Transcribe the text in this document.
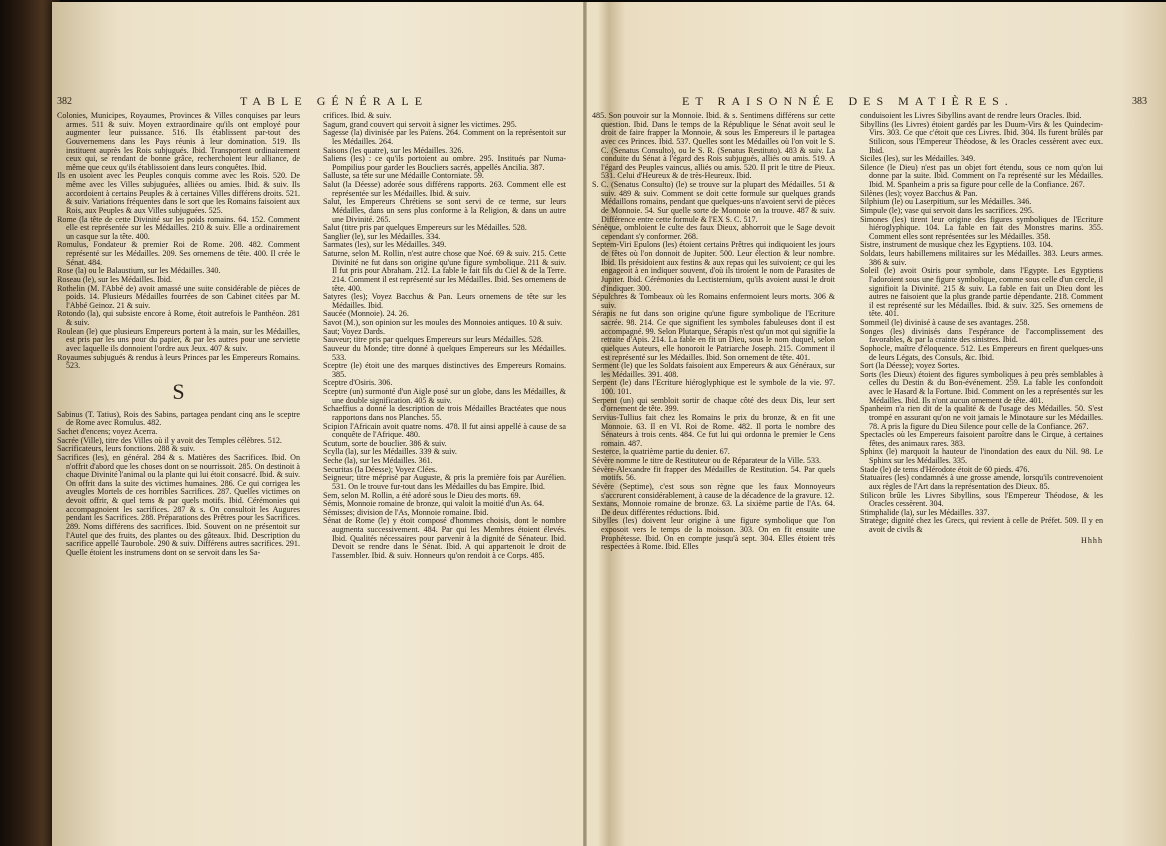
382	TABLE GÉNÉRALE

Colonies, Municipes, Royaumes, Provinces & Villes conquises par leurs armes. 511 & suiv. Moyen extraordinaire qu'ils ont employé pour augmenter leur puissance. 516. Ils établissent par-tout des Gouvernemens dans les Pays réunis à leur domination. 519. Ils instituent auprès les Rois subjugués. Ibid. Transportent ordinairement ceux qui, se rendant de bonne grâce, recherchoient leur alliance, de même que ceux qu'ils établissoient dans leurs conquêtes. Ibid.

Ils en usoient avec les Peuples conquis comme avec les Rois. 520. De même avec les Villes subjuguées, alliées ou amies. Ibid. & suiv. Ils accordoient à certains Peuples & à certaines Villes différens droits. 521. & suiv. Variations fréquentes dans le sort que les Romains faisoient aux Rois, aux Peuples & aux Villes subjuguées. 525.

Rome (la tête de cette Divinité sur les poids romains. 64. 152. Comment elle est représentée sur les Médailles. 210 & suiv. Elle a ordinairement un casque sur la tête. 400.

Romulus, Fondateur & premier Roi de Rome. 208. 482. Comment représenté sur les Médailles. 209. Ses ornemens de tête. 400. Il crée le Sénat. 484.

Rose (la) ou le Balaustium, sur les Médailles. 340.

Roseau (le), sur les Médailles. Ibid.

Rothelin (M. l'Abbé de) avoit amassé une suite considérable de pièces de poids. 14. Plusieurs Médailles fourrées de son Cabinet citées par M. l'Abbé Geinoz. 21 & suiv.

Rotondo (la), qui subsiste encore à Rome, étoit autrefois le Panthéon. 281 & suiv.

Roulean (le) que plusieurs Empereurs portent à la main, sur les Médailles, est pris par les uns pour du papier, & par les autres pour une serviette avec laquelle ils donnoient l'ordre aux Jeux. 407 & suiv.

Royaumes subjugués & rendus à leurs Princes par les Empereurs Romains. 523.

S

Sabinus (T. Tatius), Rois des Sabins, partagea pendant cinq ans le sceptre de Rome avec Romulus. 482.

Sachet d'encens; voyez Acerra.

Sacrée (Ville), titre des Villes où il y avoit des Temples célèbres. 512.

Sacrificateurs, leurs fonctions. 288 & suiv.

Sacrifices (les), en général. 284 & s. Matières des Sacrifices. Ibid. On n'offrit d'abord que les choses dont on se nourrissoit. 285. On destinoit à chaque Divinité l'animal ou la plante qui lui étoit consacré. Ibid. & suiv. On offrit dans la suite des victimes humaines. 286. Ce qui corrigea les aveugles Mortels de ces horribles Sacrifices. 287. Quelles victimes on devoit offrir, & quel tems & par quels motifs. Ibid. Cérémonies qui accompagnoient les sacrifices. 287 & s. On consultoit les Augures pendant les Sacrifices. 288. Préparations des Prêtres pour les Sacrifices. 289. Noms différens des sacrifices. Ibid. Souvent on ne présentoit sur l'Autel que des fruits, des plantes ou des gâteaux. Ibid. Description du sacrifice appellé Taurobole. 290 & suiv. Différens autres sacrifices. 291. Quelle étoient les instrumens dont on se servoit dans les Sa-

crifices. Ibid. & suiv.

Sagum, grand couvert qui servoit à signer les victimes. 295.

Sagesse (la) divinisée par les Païens. 264. Comment on la représentoit sur les Médailles. 264.

Saisons (les quatre), sur les Médailles. 326.

Saliens (les) : ce qu'ils portoient au ombre. 295. Institués par Numa-Pompilius pour garder les Boucliers sacrés, appellés Ancilia. 387.

Salluste, sa tête sur une Médaille Contorniate. 59.

Salut (la Déesse) adorée sous différens rapports. 263. Comment elle est représentée sur les Médailles. Ibid. & suiv.

Salut, les Empereurs Chrétiens se sont servi de ce terme, sur leurs Médailles, dans un sens plus conforme à la Religion, & dans un autre une Divinité. 265.

Salut (titre pris par quelques Empereurs sur les Médailles. 528.

Sanglier (le), sur les Médailles. 334.

Sarmates (les), sur les Médailles. 349.

Saturne, selon M. Rollin, n'est autre chose que Noé. 69 & suiv. 215. Cette Divinité ne fut dans son origine qu'une figure symbolique. 211 & suiv. Il fut pris pour Abraham. 212. La fable le fait fils du Ciel & de la Terre. 214. Comment il est représenté sur les Médailles. Ibid. Ses ornemens de tête. 400.

Satyres (les); Voyez Bacchus & Pan. Leurs ornemens de tête sur les Médailles. Ibid.

Saucée (Monnoie). 24. 26.

Savot (M.), son opinion sur les moules des Monnoies antiques. 10 & suiv.

Saut; Voyez Dards.

Sauveur; titre pris par quelques Empereurs sur leurs Médailles. 528.

Sauveur du Monde; titre donné à quelques Empereurs sur les Médailles. 533.

Sceptre (le) étoit une des marques distinctives des Empereurs Romains. 385.

Sceptre d'Osiris. 306.

Sceptre (un) surmonté d'un Aigle posé sur un globe, dans les Médailles, & une double signification. 405 & suiv.

Schaeffius a donné la description de trois Médailles Bractéates que nous rapportons dans nos Planches. 55.

Scipion l'Africain avoit quatre noms. 478. Il fut ainsi appellé à cause de sa conquête de l'Afrique. 480.

Scutum, sorte de bouclier. 386 & suiv.

Scylla (la), sur les Médailles. 339 & suiv.

Seche (la), sur les Médailles. 361.

Securitas (la Déesse); Voyez Clées.

Seigneur; titre méprisé par Auguste, & pris la première fois par Aurélien. 531. On le trouve fur-tout dans les Médailles du bas Empire. Ibid.

Sem, selon M. Rollin, a été adoré sous le Dieu des morts. 69.

Sémis, Monnoie romaine de bronze, qui valoit la moitié d'un As. 64.

Sémisses; division de l'As, Monnoie romaine. Ibid.

Sénat de Rome (le) y étoit composé d'hommes choisis, dont le nombre augmenta successivement. 484. Par qui les Membres étoient élevés. Ibid. Qualités nécessaires pour parvenir à la dignité de Sénateur. Ibid. Devoit se rendre dans le Sénat. Ibid. A qui appartenoit le droit de l'assembler. Ibid. & suiv. Honneurs qu'on rendoit à ce Corps. 485.

ET RAISONNÉE DES MATIÈRES.	383

485. Son pouvoir sur la Monnoie. Ibid. & s. Sentimens différens sur cette question. Ibid. Dans le temps de la République le Sénat avoit seul le droit de faire frapper la Monnoie, & sous les Empereurs il le partagea avec ces Princes. Ibid. 537. Quelles sont les Médailles où l'on voit le S. C. (Senatus Consulto), ou le S. R. (Senatus Restituto). 483 & suiv. La conduite du Sénat à l'égard des Rois subjugués, alliés ou amis. 519. A l'égard des Peuples vaincus, alliés ou amis. 520. Il prit le titre de Pieux. 531. Celui d'Heureux & de très-Heureux. Ibid.

S. C. (Senatus Consulto) (le) se trouve sur la plupart des Médailles. 51 & suiv. 489 & suiv. Comment se doit cette formule sur quelques grands Médaillons romains, pendant que quelques-uns n'avoient servi de pièces de Monnoie. 54. Sur quelle sorte de Monnoie on la trouve. 487 & suiv. Différence entre cette formule & l'EX S. C. 517.

Sénèque, ombloient le culte des faux Dieux, abhorroit que le Sage devoit cependant s'y conformer. 268.

Septem-Viri Epulons (les) étoient certains Prêtres qui indiquoient les jours de fêtes où l'on donnoit de Jupiter. 500. Leur élection & leur nombre. Ibid. Ils présidoient aux festins & aux repas qui les suivoient; ce qui les engageoit à en indiquer souvent, d'où ils tiroient le nom de Parasites de Jupiter. Ibid. Cérémonies du Lectisternium, qu'ils avoient aussi le droit d'indiquer. 300.

Sépulchres & Tombeaux où les Romains enfermoient leurs morts. 306 & suiv.

Sérapis ne fut dans son origine qu'une figure symbolique de l'Ecriture sacrée. 98. 214. Ce que signifient les symboles fabuleuses dont il est accompagné. 99. Selon Plutarque, Sérapis n'est qu'un mot qui signifie la retraite d'Apis. 214. La fable en fit un Dieu, sous le nom duquel, selon quelques Auteurs, elle honoroit le Patriarche Joseph. 215. Comment il est représenté sur les Médailles. Ibid. Son ornement de tête. 401.

Serment (le) que les Soldats faisoient aux Empereurs & aux Généraux, sur les Médailles. 391. 408.

Serpent (le) dans l'Ecriture hiéroglyphique est le symbole de la vie. 97. 100. 101.

Serpent (un) qui sembloit sortir de chaque côté des deux Dis, leur sert d'ornement de tête. 399.

Servius-Tullius fait chez les Romains le prix du bronze, & en fit une Monnoie. 63. Il en VI. Roi de Rome. 482. Il porta le nombre des Sénateurs à trois cents. 484. Ce fut lui qui ordonna le premier le Cens romain. 487.

Sesterce, la quatrième partie du denier. 67.

Sévère nomme le titre de Restituteur ou de Réparateur de la Ville. 533.

Sévère-Alexandre fit frapper des Médailles de Restitution. 54. Par quels motifs. 56.

Sévère (Septime), c'est sous son règne que les faux Monnoyeurs s'accrurent considérablement, à cause de la décadence de la gravure. 12.

Sextans, Monnoie romaine de bronze. 63. La sixième partie de l'As. 64. De deux différentes réductions. Ibid.

Sibylles (les) doivent leur origine à une figure symbolique que l'on exposoit vers le temps de la moisson. 303. On en fit ensuite une Prophétesse. Ibid. On en compte jusqu'à sept. 304. Elles étoient très respectées à Rome. Ibid. Elles

conduisoient les Livres Sibyllins avant de rendre leurs Oracles. Ibid.

Sibyllins (les Livres) étoient gardés par les Duum-Virs & les Quindecim-Virs. 303. Ce que c'étoit que ces Livres. Ibid. 304. Ils furent brûlés par Stilicon, sous l'Empereur Théodose, & les Oracles cessèrent avec eux. Ibid.

Siciles (les), sur les Médailles. 349.

Silence (le Dieu) n'est pas un objet fort étendu, sous ce nom qu'on lui donne par la suite. Ibid. Comment on l'a représenté sur les Médailles. Ibid. M. Spanheim a pris sa figure pour celle de la Confiance. 267.

Silènes (les); voyez Bacchus & Pan.

Silphium (le) ou Laserpitium, sur les Médailles. 346.

Simpule (le); vase qui servoit dans les sacrifices. 295.

Simones (les) tirent leur origine des figures symboliques de l'Ecriture hiéroglyphique. 104. La fable en fait des Monstres marins. 355. Comment elles sont représentées sur les Médailles. 358.

Sistre, instrument de musique chez les Egyptiens. 103. 104.

Soldats, leurs habillemens militaires sur les Médailles. 383. Leurs armes. 386 & suiv.

Soleil (le) avoit Osiris pour symbole, dans l'Egypte. Les Egyptiens l'adoroient sous une figure symbolique, comme sous celle d'un cercle, il signifioit la Divinité. 215 & suiv. La fable en fait un Dieu dont les autres ne faisoient que la plus grande partie dépendante. 218. Comment il est représenté sur les Médailles. Ibid. & suiv. 325. Ses ornemens de tête. 401.

Sommeil (le) divinisé à cause de ses avantages. 258.

Songes (les) divinisés dans l'espérance de l'accomplissement des favorables, & par la crainte des sinistres. Ibid.

Sophocle, maître d'éloquence. 512. Les Empereurs en firent quelques-uns de leurs Légats, des Consuls, &c. Ibid.

Sort (la Déesse); voyez Sortes.

Sorts (les Dieux) étoient des figures symboliques à peu près semblables à celles du Destin & du Bon-événement. 259. La fable les confondoit avec le Hasard & la Fortune. Ibid. Comment on les a représentés sur les Médailles. Ibid. Ils n'ont aucun ornement de tête. 401.

Spanheim n'a rien dit de la qualité & de l'usage des Médailles. 50. S'est trompé en assurant qu'on ne voit jamais le Minotaure sur les Médailles. 78. A pris la figure du Dieu Silence pour celle de la Confiance. 267.

Spectacles où les Empereurs faisoient paroître dans le Cirque, à certaines fêtes, des animaux rares. 383.

Sphinx (le) marquoit la hauteur de l'inondation des eaux du Nil. 98. Le Sphinx sur les Médailles. 335.

Stade (le) de tems d'Hérodote étoit de 60 pieds. 476.

Statuaires (les) condamnés à une grosse amende, lorsqu'ils contrevenoient aux règles de l'Art dans la représentation des Dieux. 85.

Stilicon brûle les Livres Sibyllins, sous l'Empereur Théodose, & les Oracles cessèrent. 304.

Stimphalide (la), sur les Médailles. 337.

Stratège; dignité chez les Grecs, qui revient à celle de Préfet. 509. Il y en avoit de civils &

Hhhh
